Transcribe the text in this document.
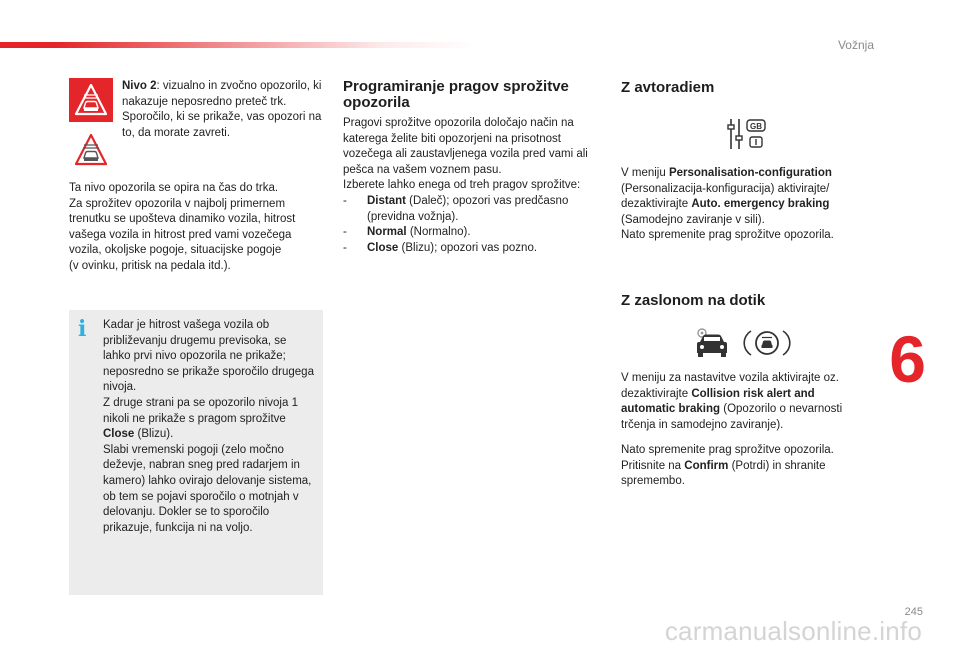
Vožnja

Nivo 2: vizualno in zvočno opozorilo, ki nakazuje neposredno preteč trk. Sporočilo, ki se prikaže, vas opozori na to, da morate zavreti.

Ta nivo opozorila se opira na čas do trka.
Za sprožitev opozorila v najbolj primernem
trenutku se upošteva dinamiko vozila, hitrost
vašega vozila in hitrost pred vami vozečega
vozila, okoljske pogoje, situacijske pogoje
(v ovinku, pritisk na pedala itd.).
i Kadar je hitrost vašega vozila ob približevanju drugemu previsoka, se lahko prvi nivo opozorila ne prikaže; neposredno se prikaže sporočilo drugega nivoja.

Z druge strani pa se opozorilo nivoja 1 nikoli ne prikaže s pragom sprožitve Close (Blizu).

Slabi vremenski pogoji (zelo močno deževje, nabran sneg pred radarjem in kamero) lahko ovirajo delovanje sistema, ob tem se pojavi sporočilo o motnjah v delovanju. Dokler se to sporočilo prikazuje, funkcija ni na voljo.

Programiranje pragov sprožitve opozorila

Pragovi sprožitve opozorila določajo način na katerega želite biti opozorjeni na prisotnost vozečega ali zaustavljenega vozila pred vami ali pešca na vašem voznem pasu.

Izberete lahko enega od treh pragov sprožitve:

- Distant (Daleč); opozori vas predčasno (previdna vožnja).
- Normal (Normalno).
- Close (Blizu); opozori vas pozno.

Z avtoradiem

GB

V meniju Personalisation-configuration (Personalizacija-konfiguracija) aktivirajte/ dezaktivirajte Auto. emergency braking (Samodejno zaviranje v sili).

Nato spremenite prag sprožitve opozorila.

Z zaslonom na dotik

V meniju za nastavitve vozila aktivirajte oz. dezaktivirajte Collision risk alert and automatic braking (Opozorilo o nevarnosti trčenja in samodejno zaviranje).

Nato spremenite prag sprožitve opozorila.

Pritisnite na Confirm (Potrdi) in shranite spremembo.

6
245
carmanualsonline.info
